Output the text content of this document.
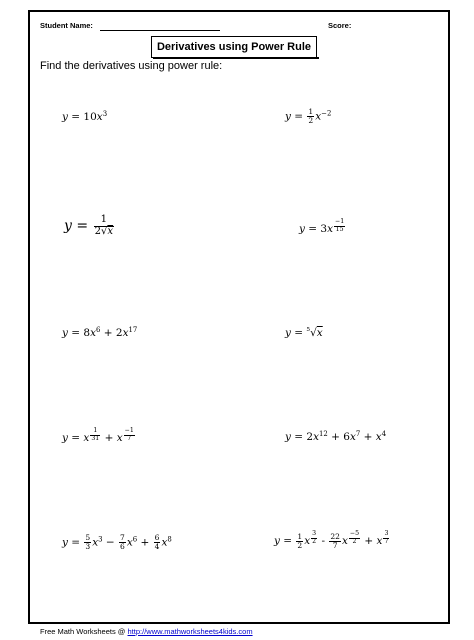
Student Name:	Score:
Derivatives using Power Rule
Find the derivatives using power rule:
$y = 10x^3$	$y = \frac{1}{2} x^{-2}$
$y = \frac{1}{2√x}$	y = 3x $^{\frac{-1}{15}}$
$y = 8x^6 + 2x^{17}$	y = $^5$√x
y = x $^{\frac{1}{31}}$ + x $^{\frac{-1}{7}}$	$y = 2x^{12} + 6x^7 + x^4$
$y = \frac{5}{3} x^3 - \frac{7}{6} x^6 + \frac{6}{4} x^8$	$y = \frac{1}{2}$ x $^{\frac{3}{2}} - \frac{22}{7}$ x $^{\frac{-5}{2}}$ + x $^{\frac{3}{7}}$
Free Math Worksheets @ http://www.mathworksheets4kids.com
